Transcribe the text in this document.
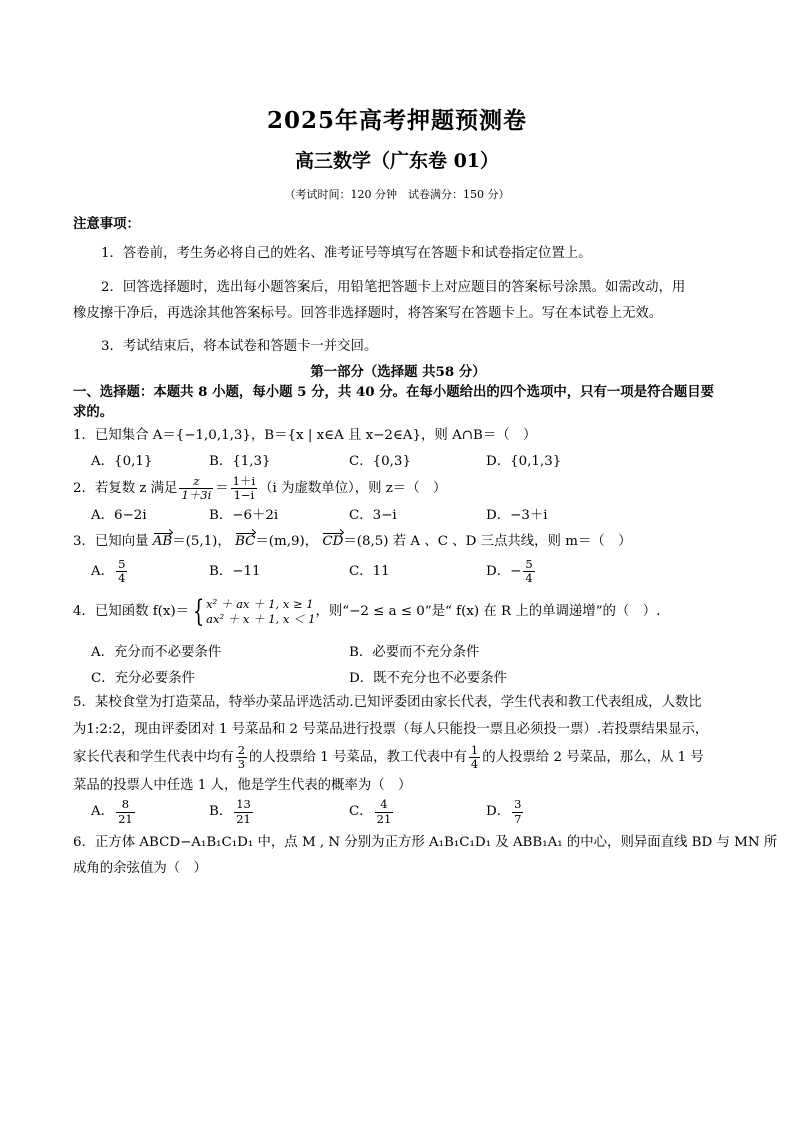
2025年高考押题预测卷
高三数学（广东卷 01）
（考试时间：120 分钟　试卷满分：150 分）
注意事项：
1．答卷前，考生务必将自己的姓名、准考证号等填写在答题卡和试卷指定位置上。
2．回答选择题时，选出每小题答案后，用铅笔把答题卡上对应题目的答案标号涂黑。如需改动，用
橡皮擦干净后，再选涂其他答案标号。回答非选择题时，将答案写在答题卡上。写在本试卷上无效。
3．考试结束后，将本试卷和答题卡一并交回。
第一部分（选择题 共58 分）
一、选择题：本题共 8 小题，每小题 5 分，共 40 分。在每小题给出的四个选项中，只有一项是符合题目要
求的。
1．已知集合 A＝{−1,0,1,3}，B＝{x | x∈A 且 x−2∈A}，则 A∩B＝（　）
A．{0,1}	B．{1,3}	C．{0,3}	D．{0,1,3}
2．若复数 z 满足 $\frac{z}{1+3i} = \frac{1+i}{1-i} (i$ 为虚数单位），则 z＝（　）
A．6−2i	B．−6＋2i	C．3−i	D．−3＋i
3．已知向量 AB＝(5,1)， BC＝(m,9)， CD＝(8,5) 若 A 、C 、D 三点共线，则 m＝（　）
A． $\frac{5}{4}$	B．−11	C．11	D．− $\frac{5}{4}$
4．已知函数 f(x)＝ { x² ＋ ax ＋ 1, x ≥ 1
ax² ＋ x ＋ 1, x ＜ 1 ，则“−2 ≤ a ≤ 0”是“ f(x) 在 R 上的单调递增”的（　）.
A．充分而不必要条件	B．必要而不充分条件
C．充分必要条件	D．既不充分也不必要条件
5．某校食堂为打造菜品，特举办菜品评选活动.已知评委团由家长代表，学生代表和教工代表组成，人数比
为1:2:2，现由评委团对 1 号菜品和 2 号菜品进行投票（每人只能投一票且必须投一票）.若投票结果显示，
家长代表和学生代表中均有 $\frac{2}{3}$ 的人投票给 1 号菜品，教工代表中有 $\frac{1}{4}$ 的人投票给 2 号菜品，那么，从 1 号
菜品的投票人中任选 1 人，他是学生代表的概率为（　）
A． $\frac{8}{21}$	B． $\frac{13}{21}$	C． $\frac{4}{21}$	D． $\frac{3}{7}$
6．正方体 ABCD−A₁B₁C₁D₁ 中，点 M , N 分别为正方形 A₁B₁C₁D₁ 及 ABB₁A₁ 的中心，则异面直线 BD 与 MN 所
成角的余弦值为（　）
